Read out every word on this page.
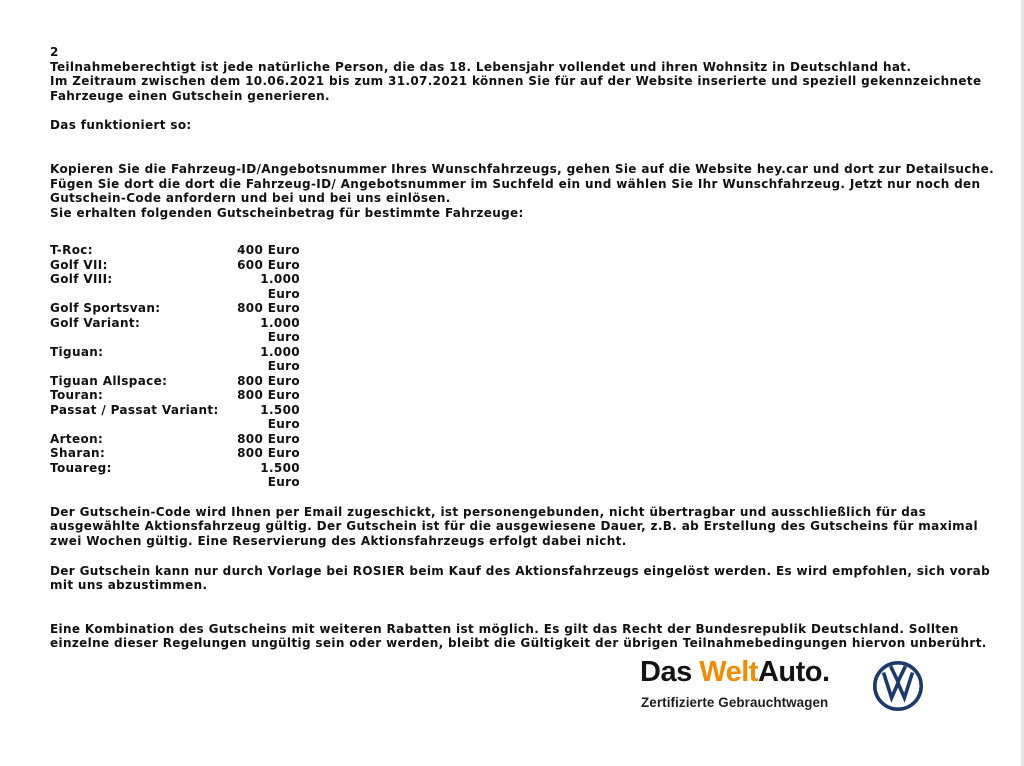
2

Teilnahmeberechtigt ist jede natürliche Person, die das 18. Lebensjahr vollendet und ihren Wohnsitz in Deutschland hat.

Im Zeitraum zwischen dem 10.06.2021 bis zum 31.07.2021 können Sie für auf der Website inserierte und speziell gekennzeichnete Fahrzeuge einen Gutschein generieren.

Das funktioniert so:

Kopieren Sie die Fahrzeug-ID/Angebotsnummer Ihres Wunschfahrzeugs, gehen Sie auf die Website hey.car und dort zur Detailsuche. Fügen Sie dort die dort die Fahrzeug-ID/ Angebotsnummer im Suchfeld ein und wählen Sie Ihr Wunschfahrzeug. Jetzt nur noch den Gutschein-Code anfordern und bei und bei uns einlösen.

Sie erhalten folgenden Gutscheinbetrag für bestimmte Fahrzeuge:

T-Roc:	400 Euro
Golf VII:	600 Euro
Golf VIII:	1.000 Euro
Golf Sportsvan:	800 Euro
Golf Variant:	1.000 Euro
Tiguan:	1.000 Euro
Tiguan Allspace:	800 Euro
Touran:	800 Euro
Passat / Passat Variant:	1.500 Euro
Arteon:	800 Euro
Sharan:	800 Euro
Touareg:	1.500 Euro

Der Gutschein-Code wird Ihnen per Email zugeschickt, ist personengebunden, nicht übertragbar und ausschließlich für das ausgewählte Aktionsfahrzeug gültig. Der Gutschein ist für die ausgewiesene Dauer, z.B. ab Erstellung des Gutscheins für maximal zwei Wochen gültig. Eine Reservierung des Aktionsfahrzeugs erfolgt dabei nicht.

Der Gutschein kann nur durch Vorlage bei ROSIER beim Kauf des Aktionsfahrzeugs eingelöst werden. Es wird empfohlen, sich vorab mit uns abzustimmen.

Eine Kombination des Gutscheins mit weiteren Rabatten ist möglich. Es gilt das Recht der Bundesrepublik Deutschland. Sollten einzelne dieser Regelungen ungültig sein oder werden, bleibt die Gültigkeit der übrigen Teilnahmebedingungen hiervon unberührt.

Das WeltAuto.
Zertifizierte Gebrauchtwagen
